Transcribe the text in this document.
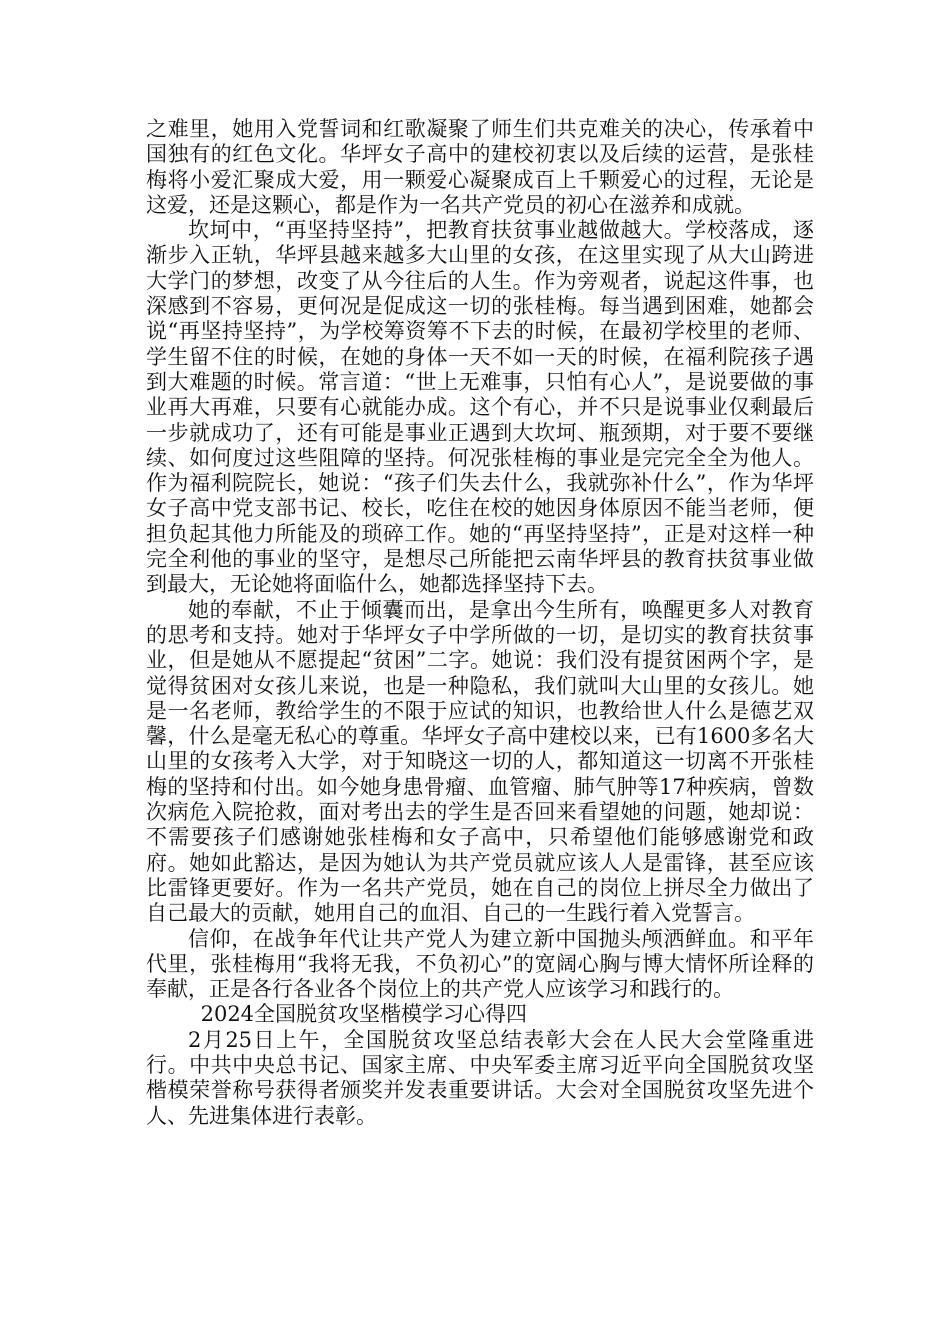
之难里，她用入党誓词和红歌凝聚了师生们共克难关的决心，传承着中国独有的红色文化。华坪女子高中的建校初衷以及后续的运营，是张桂梅将小爱汇聚成大爱，用一颗爱心凝聚成百上千颗爱心的过程，无论是这爱，还是这颗心，都是作为一名共产党员的初心在滋养和成就。

坎坷中，“再坚持坚持”，把教育扶贫事业越做越大。学校落成，逐渐步入正轨，华坪县越来越多大山里的女孩，在这里实现了从大山跨进大学门的梦想，改变了从今往后的人生。作为旁观者，说起这件事，也深感到不容易，更何况是促成这一切的张桂梅。每当遇到困难，她都会说“再坚持坚持”，为学校筹资筹不下去的时候，在最初学校里的老师、学生留不住的时候，在她的身体一天不如一天的时候，在福利院孩子遇到大难题的时候。常言道：“世上无难事，只怕有心人”，是说要做的事业再大再难，只要有心就能办成。这个有心，并不只是说事业仅剩最后一步就成功了，还有可能是事业正遇到大坎坷、瓶颈期，对于要不要继续、如何度过这些阻障的坚持。何况张桂梅的事业是完完全全为他人。作为福利院院长，她说：“孩子们失去什么，我就弥补什么”，作为华坪女子高中党支部书记、校长，吃住在校的她因身体原因不能当老师，便担负起其他力所能及的琐碎工作。她的“再坚持坚持”，正是对这样一种完全利他的事业的坚守，是想尽己所能把云南华坪县的教育扶贫事业做到最大，无论她将面临什么，她都选择坚持下去。

她的奉献，不止于倾囊而出，是拿出今生所有，唤醒更多人对教育的思考和支持。她对于华坪女子中学所做的一切，是切实的教育扶贫事业，但是她从不愿提起“贫困”二字。她说：我们没有提贫困两个字，是觉得贫困对女孩儿来说，也是一种隐私，我们就叫大山里的女孩儿。她是一名老师，教给学生的不限于应试的知识，也教给世人什么是德艺双馨，什么是毫无私心的尊重。华坪女子高中建校以来，已有1600多名大山里的女孩考入大学，对于知晓这一切的人，都知道这一切离不开张桂梅的坚持和付出。如今她身患骨瘤、血管瘤、肺气肿等17种疾病，曾数次病危入院抢救，面对考出去的学生是否回来看望她的问题，她却说：不需要孩子们感谢她张桂梅和女子高中，只希望他们能够感谢党和政府。她如此豁达，是因为她认为共产党员就应该人人是雷锋，甚至应该比雷锋更要好。作为一名共产党员，她在自己的岗位上拼尽全力做出了自己最大的贡献，她用自己的血泪、自己的一生践行着入党誓言。

信仰，在战争年代让共产党人为建立新中国抛头颅洒鲜血。和平年代里，张桂梅用“我将无我，不负初心”的宽阔心胸与博大情怀所诠释的奉献，正是各行各业各个岗位上的共产党人应该学习和践行的。

2024全国脱贫攻坚楷模学习心得四

2月25日上午，全国脱贫攻坚总结表彰大会在人民大会堂隆重进行。中共中央总书记、国家主席、中央军委主席习近平向全国脱贫攻坚楷模荣誉称号获得者颁奖并发表重要讲话。大会对全国脱贫攻坚先进个人、先进集体进行表彰。
